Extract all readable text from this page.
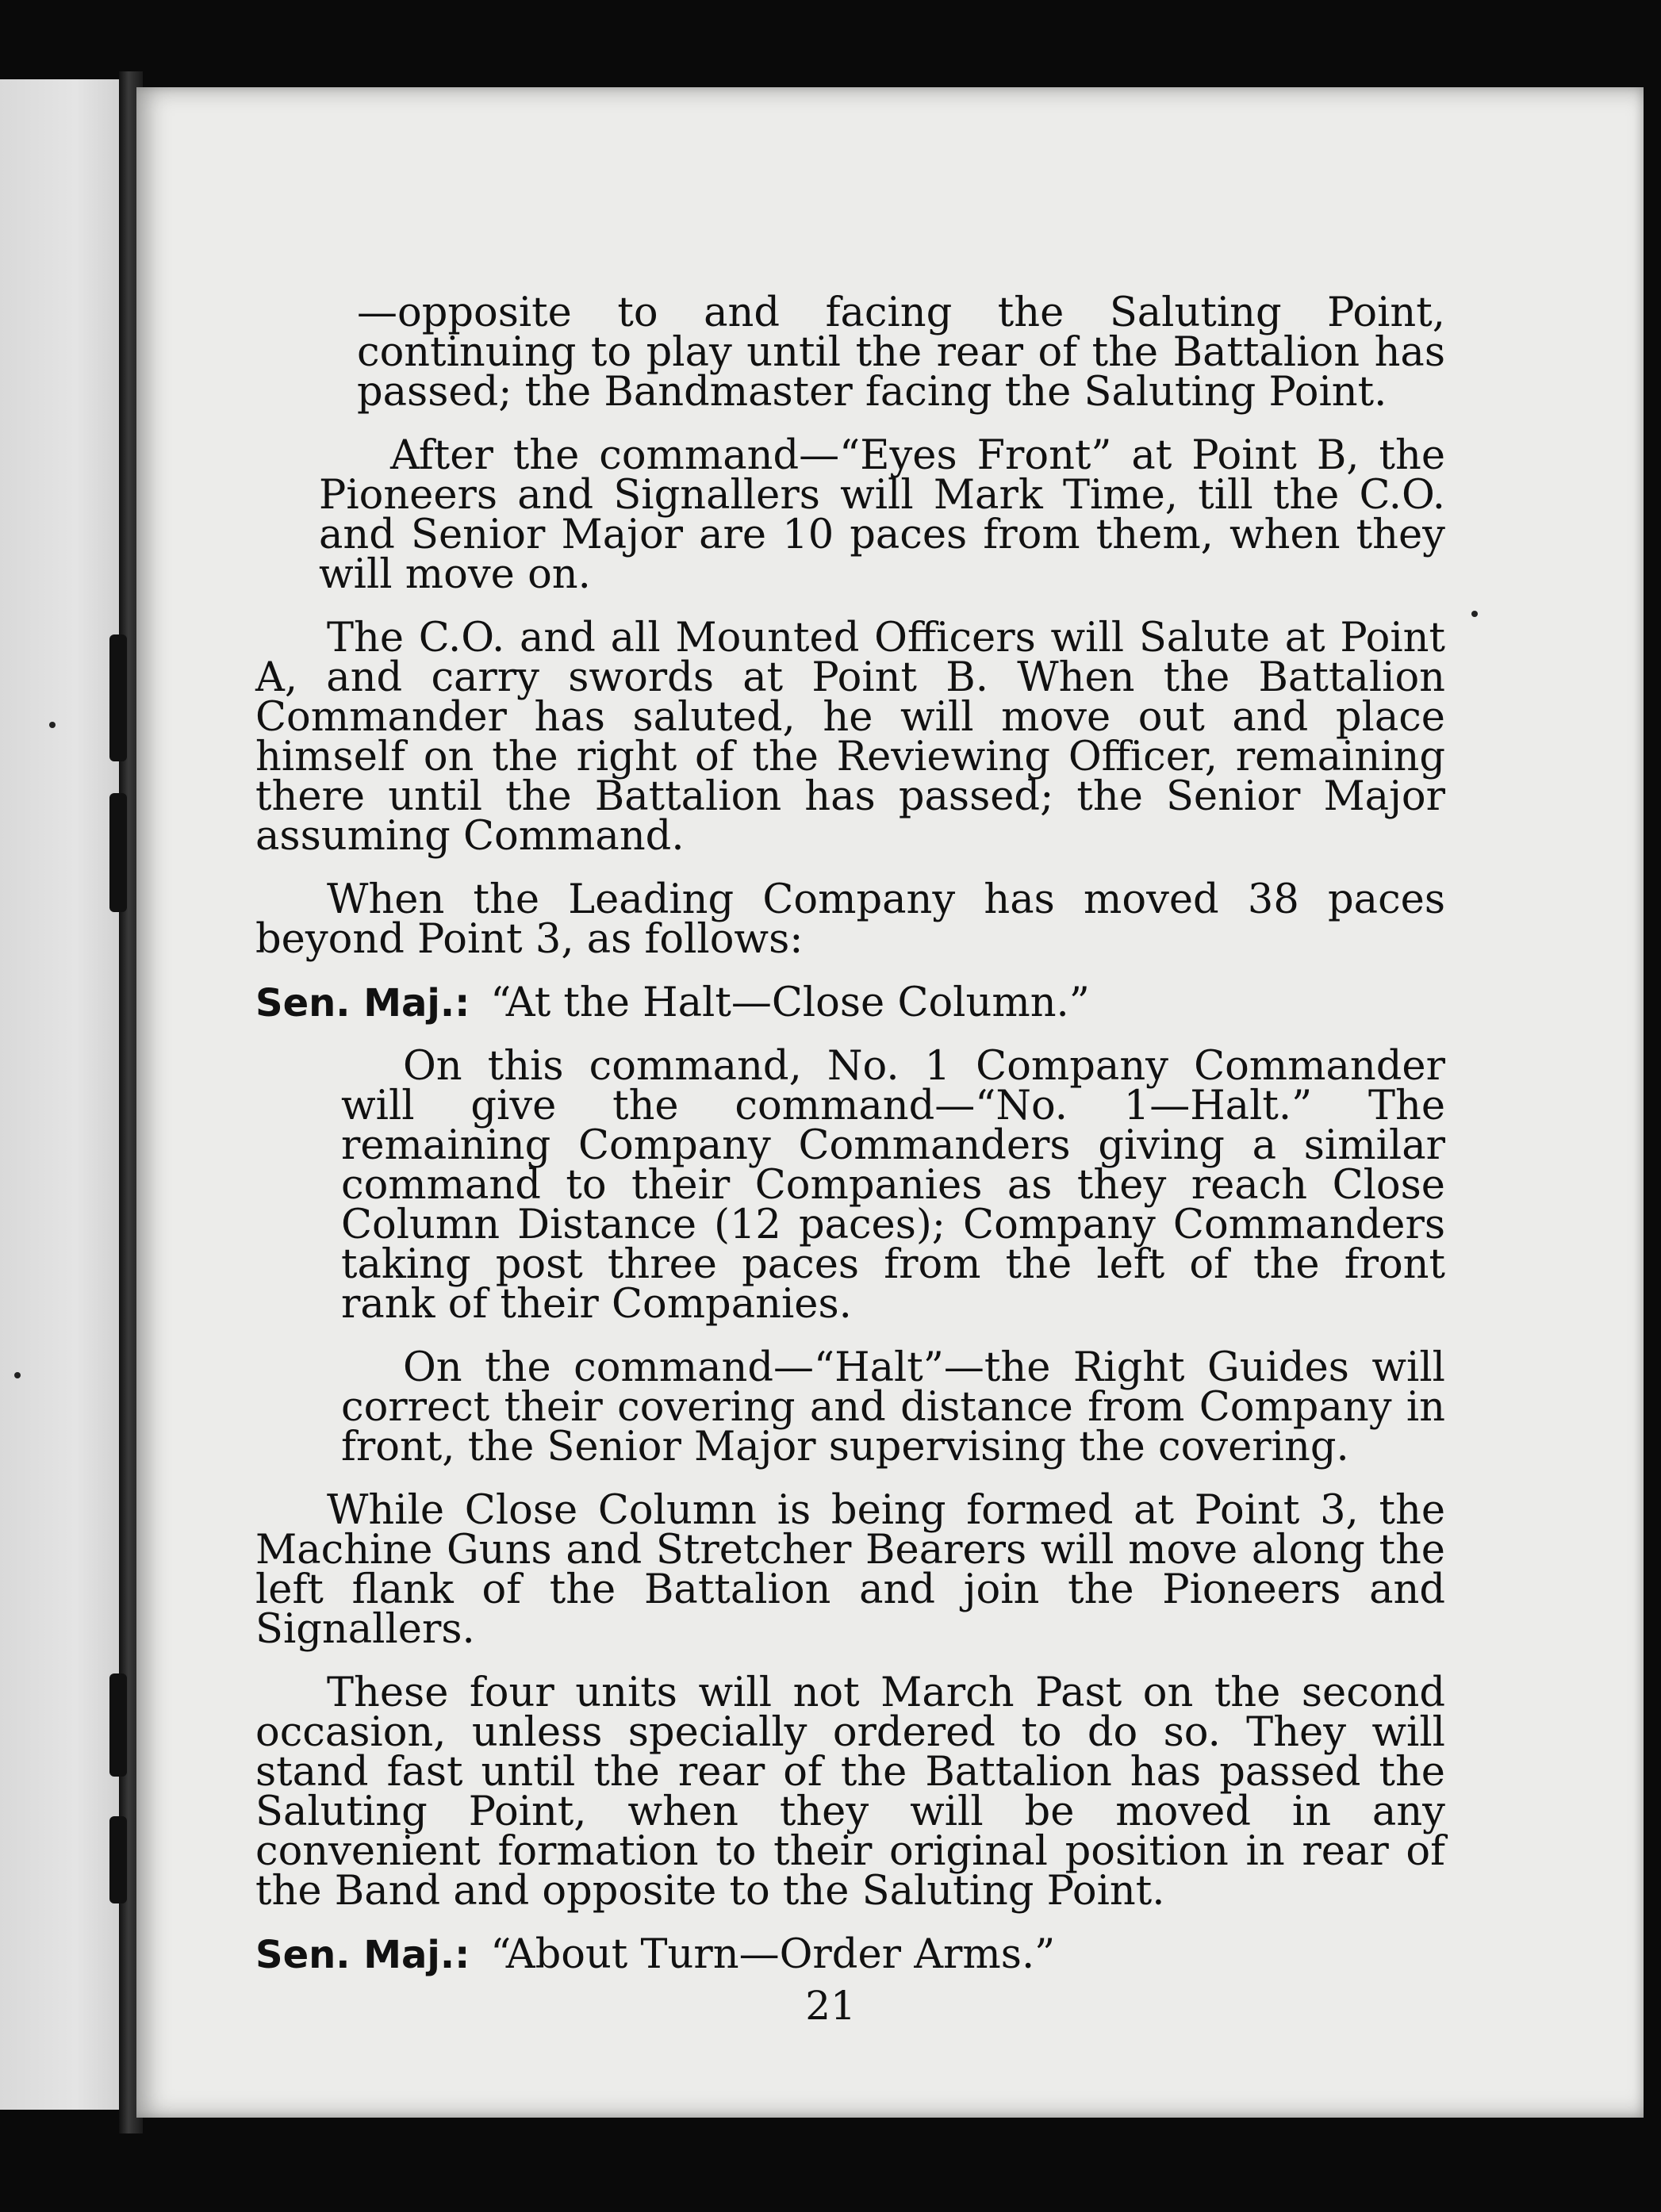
—opposite to and facing the Saluting Point, continuing to play until the rear of the Battalion has passed; the Bandmaster facing the Saluting Point.

After the command—“Eyes Front” at Point B, the Pioneers and Signallers will Mark Time, till the C.O. and Senior Major are 10 paces from them, when they will move on.

The C.O. and all Mounted Officers will Salute at Point A, and carry swords at Point B. When the Battalion Commander has saluted, he will move out and place himself on the right of the Reviewing Officer, remaining there until the Battalion has passed; the Senior Major assuming Command.

When the Leading Company has moved 38 paces beyond Point 3, as follows:

Sen. Maj.: “At the Halt—Close Column.”

On this command, No. 1 Company Commander will give the command—“No. 1—Halt.” The remaining Company Commanders giving a similar command to their Companies as they reach Close Column Distance (12 paces); Company Commanders taking post three paces from the left of the front rank of their Companies.

On the command—“Halt”—the Right Guides will correct their covering and distance from Company in front, the Senior Major supervising the covering.

While Close Column is being formed at Point 3, the Machine Guns and Stretcher Bearers will move along the left flank of the Battalion and join the Pioneers and Signallers.

These four units will not March Past on the second occasion, unless specially ordered to do so. They will stand fast until the rear of the Battalion has passed the Saluting Point, when they will be moved in any convenient formation to their original position in rear of the Band and opposite to the Saluting Point.

Sen. Maj.: “About Turn—Order Arms.”

21
